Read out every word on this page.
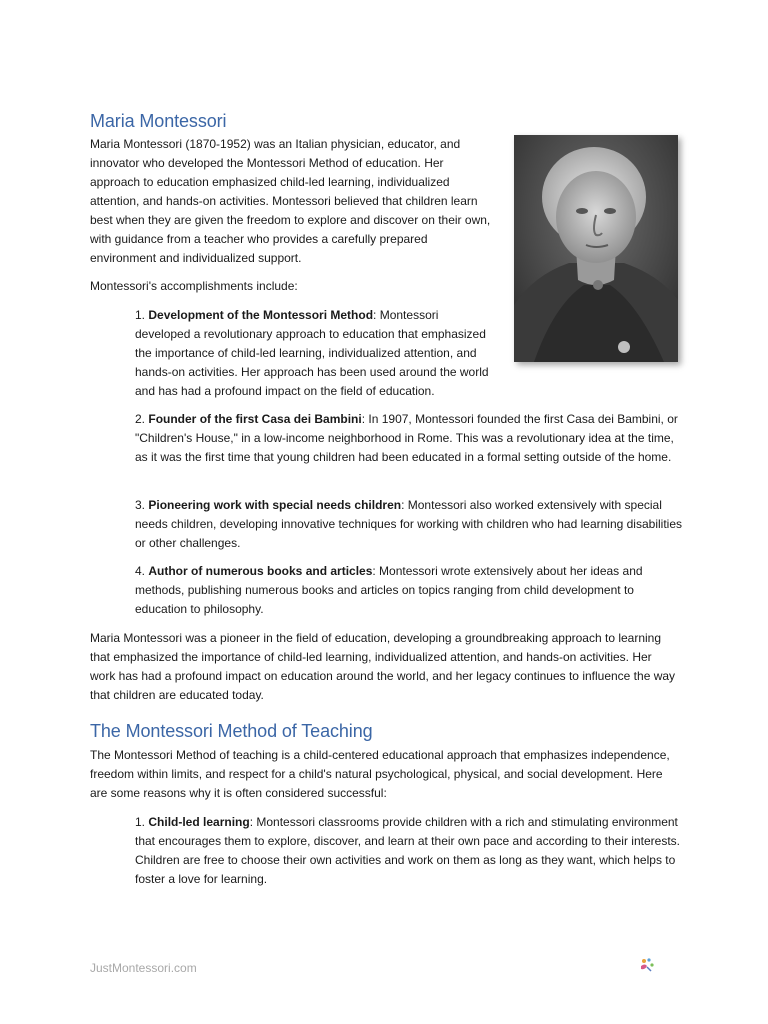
Maria Montessori

Maria Montessori (1870-1952) was an Italian physician, educator, and innovator who developed the Montessori Method of education. Her approach to education emphasized child-led learning, individualized attention, and hands-on activities. Montessori believed that children learn best when they are given the freedom to explore and discover on their own, with guidance from a teacher who provides a carefully prepared environment and individualized support.

Montessori's accomplishments include:

1. Development of the Montessori Method: Montessori developed a revolutionary approach to education that emphasized the importance of child-led learning, individualized attention, and hands-on activities. Her approach has been used around the world and has had a profound impact on the field of education.

2. Founder of the first Casa dei Bambini: In 1907, Montessori founded the first Casa dei Bambini, or "Children's House," in a low-income neighborhood in Rome. This was a revolutionary idea at the time, as it was the first time that young children had been educated in a formal setting outside of the home.

3. Pioneering work with special needs children: Montessori also worked extensively with special needs children, developing innovative techniques for working with children who had learning disabilities or other challenges.

4. Author of numerous books and articles: Montessori wrote extensively about her ideas and methods, publishing numerous books and articles on topics ranging from child development to education to philosophy.

Maria Montessori was a pioneer in the field of education, developing a groundbreaking approach to learning that emphasized the importance of child-led learning, individualized attention, and hands-on activities. Her work has had a profound impact on education around the world, and her legacy continues to influence the way that children are educated today.

The Montessori Method of Teaching

The Montessori Method of teaching is a child-centered educational approach that emphasizes independence, freedom within limits, and respect for a child's natural psychological, physical, and social development. Here are some reasons why it is often considered successful:

1. Child-led learning: Montessori classrooms provide children with a rich and stimulating environment that encourages them to explore, discover, and learn at their own pace and according to their interests. Children are free to choose their own activities and work on them as long as they want, which helps to foster a love for learning.

JustMontessori.com
